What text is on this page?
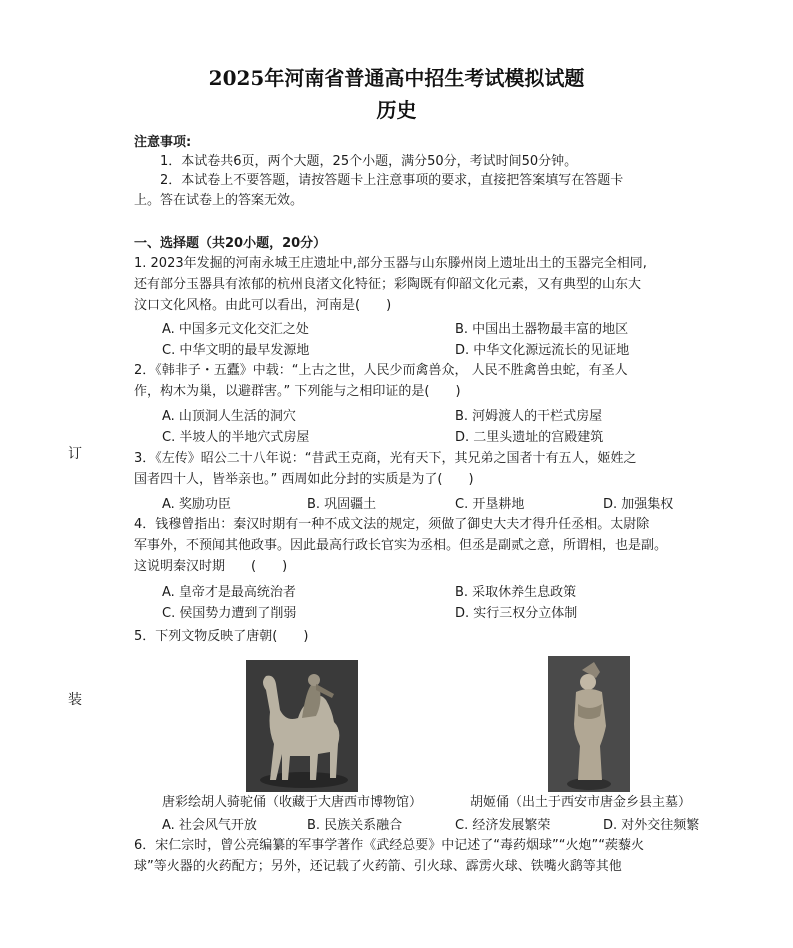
2025年河南省普通高中招生考试模拟试题
历史
订
装
注意事项:
1．本试卷共6页，两个大题，25个小题，满分50分，考试时间50分钟。
2．本试卷上不要答题，请按答题卡上注意事项的要求，直接把答案填写在答题卡
上。答在试卷上的答案无效。
一、选择题（共20小题，20分）
1. 2023年发掘的河南永城王庄遗址中,部分玉器与山东滕州岗上遗址出土的玉器完全相同,
还有部分玉器具有浓郁的杭州良渚文化特征；彩陶既有仰韶文化元素，又有典型的山东大
汶口文化风格。由此可以看出，河南是(　　)
A. 中国多元文化交汇之处	B. 中国出土器物最丰富的地区
C. 中华文明的最早发源地	D. 中华文化源远流长的见证地
2．《韩非子・五蠹》中载：“上古之世，人民少而禽兽众， 人民不胜禽兽虫蛇，有圣人
作，构木为巢，以避群害。” 下列能与之相印证的是(　　)
A. 山顶洞人生活的洞穴	B. 河姆渡人的干栏式房屋
C. 半坡人的半地穴式房屋	D. 二里头遗址的宫殿建筑
3．《左传》昭公二十八年说：“昔武王克商，光有天下，其兄弟之国者十有五人，姬姓之
国者四十人，皆举亲也。” 西周如此分封的实质是为了(　　)
A. 奖励功臣	B. 巩固疆土	C. 开垦耕地	D. 加强集权
4．钱穆曾指出：秦汉时期有一种不成文法的规定，须做了御史大夫才得升任丞相。太尉除
军事外，不预闻其他政事。因此最高行政长官实为丞相。但丞是副贰之意，所谓相，也是副。
这说明秦汉时期　　(　　)
A. 皇帝才是最高统治者	B. 采取休养生息政策
C. 侯国势力遭到了削弱	D. 实行三权分立体制
5．下列文物反映了唐朝(　　)
唐彩绘胡人骑驼俑（收藏于大唐西市博物馆）	胡姬俑（出土于西安市唐金乡县主墓）
A. 社会风气开放	B. 民族关系融合	C. 经济发展繁荣	D. 对外交往频繁
6．宋仁宗时，曾公亮编纂的军事学著作《武经总要》中记述了“毒药烟球”“火炮”“蒺藜火
球”等火器的火药配方；另外，还记载了火药箭、引火球、霹雳火球、铁嘴火鹞等其他
